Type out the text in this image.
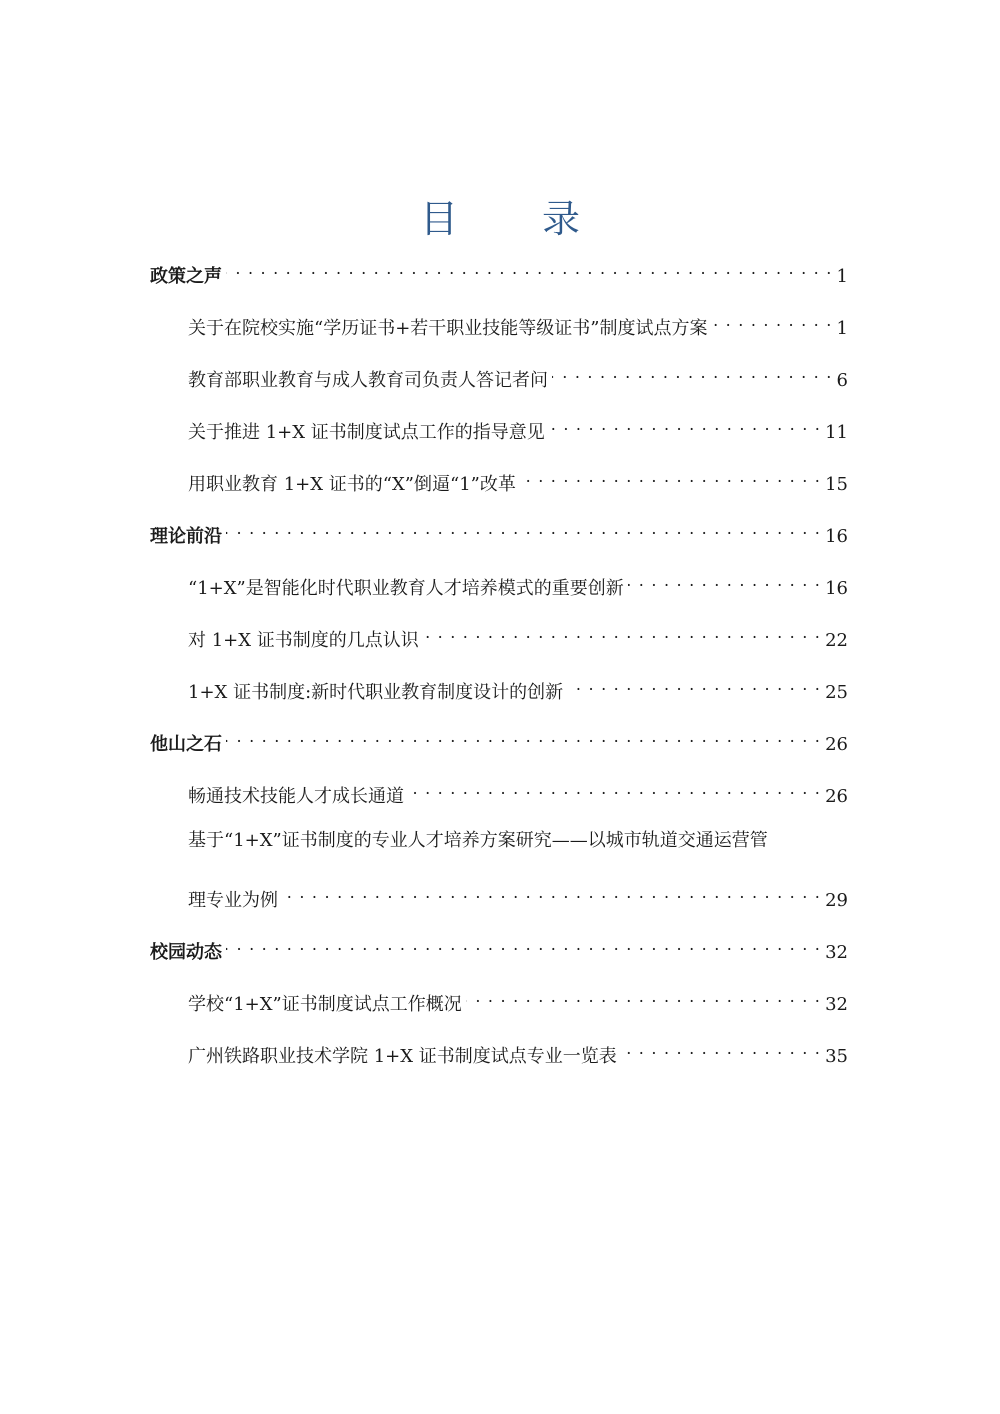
目 录
政策之声 . . .	1
关于在院校实施“学历证书+若干职业技能等级证书”制度试点方案 . . .	1
教育部职业教育与成人教育司负责人答记者问 . . .	6
关于推进 1+X 证书制度试点工作的指导意见 . . .	11
用职业教育 1+X 证书的“X”倒逼“1”改革 . . .	15
理论前沿 . . .	16
“1+X”是智能化时代职业教育人才培养模式的重要创新 . . .	16
对 1+X 证书制度的几点认识 . . .	22
1+X 证书制度:新时代职业教育制度设计的创新 . . .	25
他山之石 . . .	26
畅通技术技能人才成长通道 . . .	26
基于“1+X”证书制度的专业人才培养方案研究——以城市轨道交通运营管
理专业为例 . . .	29
校园动态 . . .	32
学校“1+X”证书制度试点工作概况 . . .	32
广州铁路职业技术学院 1+X 证书制度试点专业一览表 . . .	35
